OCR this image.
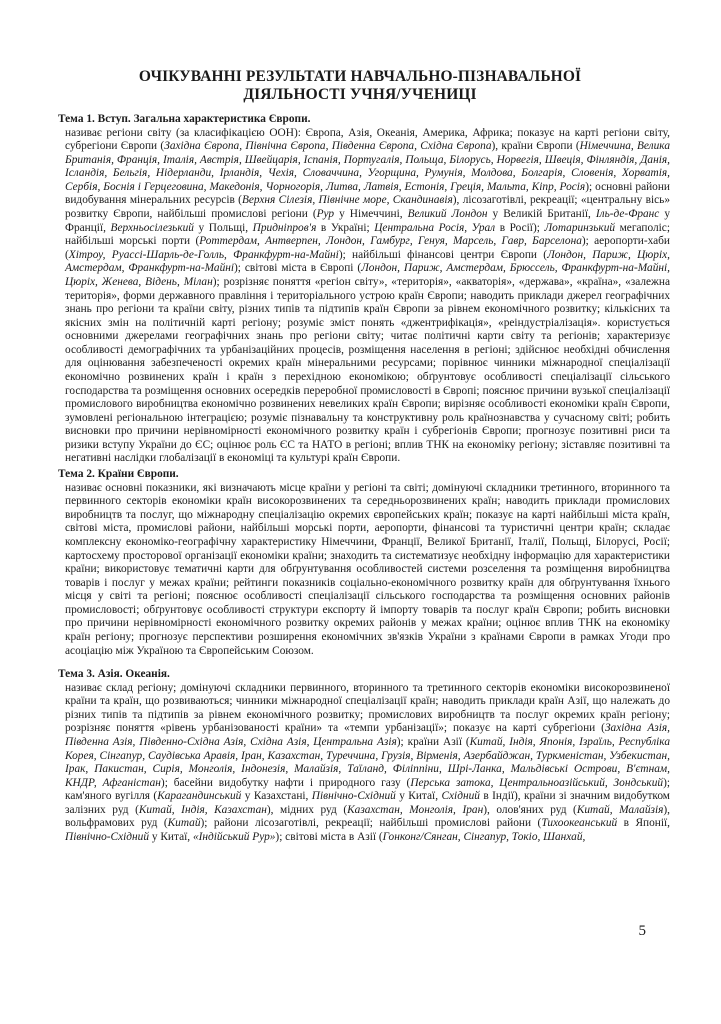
ОЧІКУВАННІ РЕЗУЛЬТАТИ НАВЧАЛЬНО-ПІЗНАВАЛЬНОЇ
ДІЯЛЬНОСТІ УЧНЯ/УЧЕНИЦІ

Тема 1. Вступ. Загальна характеристика Європи.

називає регіони світу (за класифікацією ООН): Європа, Азія, Океанія, Америка, Африка; показує на карті регіони світу, субрегіони Європи (Західна Європа, Північна Європа, Південна Європа, Східна Європа), країни Європи (Німеччина, Велика Британія, Франція, Італія, Австрія, Швейцарія, Іспанія, Португалія, Польща, Білорусь, Норвегія, Швеція, Фінляндія, Данія, Ісландія, Бельгія, Нідерланди, Ірландія, Чехія, Словаччина, Угорщина, Румунія, Молдова, Болгарія, Словенія, Хорватія, Сербія, Боснія і Герцеговина, Македонія, Чорногорія, Литва, Латвія, Естонія, Греція, Мальта, Кіпр, Росія); основні райони видобування мінеральних ресурсів (Верхня Сілезія, Північне море, Скандинавія), лісозаготівлі, рекреації; «центральну вісь» розвитку Європи, найбільші промислові регіони (Рур у Німеччині, Великий Лондон у Великій Британії, Іль-де-Франс у Франції, Верхньосілезький у Польщі, Придніпров'я в Україні; Центральна Росія, Урал в Росії); Лотаринзький мегаполіс; найбільші морські порти (Роттердам, Антверпен, Лондон, Гамбург, Генуя, Марсель, Гавр, Барселона); аеропорти-хаби (Хітроу, Руассі-Шарль-де-Голль, Франкфурт-на-Майні); найбільші фінансові центри Європи (Лондон, Париж, Цюріх, Амстердам, Франкфурт-на-Майні); світові міста в Європі (Лондон, Париж, Амстердам, Брюссель, Франкфурт-на-Майні, Цюріх, Женева, Відень, Мілан); розрізняє поняття «регіон світу», «територія», «акваторія», «держава», «країна», «залежна територія», форми державного правління і територіального устрою країн Європи; наводить приклади джерел географічних знань про регіони та країни світу, різних типів та підтипів країн Європи за рівнем економічного розвитку; кількісних та якісних змін на політичній карті регіону; розуміє зміст понять «джентрифікація», «реіндустріалізація». користується основними джерелами географічних знань про регіони світу; читає політичні карти світу та регіонів; характеризує особливості демографічних та урбанізаційних процесів, розміщення населення в регіоні; здійснює необхідні обчислення для оцінювання забезпеченості окремих країн мінеральними ресурсами; порівнює чинники міжнародної спеціалізації економічно розвинених країн і країн з перехідною економікою; обґрунтовує особливості спеціалізації сільського господарства та розміщення основних осередків переробної промисловості в Європі; пояснює причини вузької спеціалізації промислового виробництва економічно розвинених невеликих країн Європи; вирізняє особливості економіки країн Європи, зумовлені регіональною інтеграцією; розуміє пізнавальну та конструктивну роль країнознавства у сучасному світі; робить висновки про причини нерівномірності економічного розвитку країн і субрегіонів Європи; прогнозує позитивні риси та ризики вступу України до ЄС; оцінює роль ЄС та НАТО в регіоні; вплив ТНК на економіку регіону; зіставляє позитивні та негативні наслідки глобалізації в економіці та культурі країн Європи.

Тема 2. Країни Європи.

називає основні показники, які визначають місце країни у регіоні та світі; домінуючі складники третинного, вторинного та первинного секторів економіки країн високорозвинених та середньорозвинених країн; наводить приклади промислових виробництв та послуг, що міжнародну спеціалізацію окремих європейських країн; показує на карті найбільші міста країн, світові міста, промислові райони, найбільші морські порти, аеропорти, фінансові та туристичні центри країн; складає комплексну економіко-географічну характеристику Німеччини, Франції, Великої Британії, Італії, Польщі, Білорусі, Росії; картосхему просторової організації економіки країни; знаходить та систематизує необхідну інформацію для характеристики країни; використовує тематичні карти для обґрунтування особливостей системи розселення та розміщення виробництва товарів і послуг у межах країни; рейтинги показників соціально-економічного розвитку країн для обґрунтування їхнього місця у світі та регіоні; пояснює особливості спеціалізації сільського господарства та розміщення основних районів промисловості; обґрунтовує особливості структури експорту й імпорту товарів та послуг країн Європи; робить висновки про причини нерівномірності економічного розвитку окремих районів у межах країни; оцінює вплив ТНК на економіку країн регіону; прогнозує перспективи розширення економічних зв'язків України з країнами Європи в рамках Угоди про асоціацію між Україною та Європейським Союзом.

Тема 3. Азія. Океанія.

називає склад регіону; домінуючі складники первинного, вторинного та третинного секторів економіки високорозвиненої країни та країн, що розвиваються; чинники міжнародної спеціалізації країн; наводить приклади країн Азії, що належать до різних типів та підтипів за рівнем економічного розвитку; промислових виробництв та послуг окремих країн регіону; розрізняє поняття «рівень урбанізованості країни» та «темпи урбанізації»; показує на карті субрегіони (Західна Азія, Південна Азія, Південно-Східна Азія, Східна Азія, Центральна Азія); країни Азії (Китай, Індія, Японія, Ізраїль, Республіка Корея, Сінгапур, Саудівська Аравія, Іран, Казахстан, Туреччина, Грузія, Вірменія, Азербайджан, Туркменістан, Узбекистан, Ірак, Пакистан, Сирія, Монголія, Індонезія, Малайзія, Таїланд, Філіппіни, Шрі-Ланка, Мальдівські Острови, В'єтнам, КНДР, Афганістан); басейни видобутку нафти і природного газу (Перська затока, Центральноазійський, Зондський); кам'яного вугілля (Карагандинський у Казахстані, Північно-Східний у Китаї, Східний в Індії), країни зі значним видобутком залізних руд (Китай, Індія, Казахстан), мідних руд (Казахстан, Монголія, Іран), олов'яних руд (Китай, Малайзія), вольфрамових руд (Китай); райони лісозаготівлі, рекреації; найбільші промислові райони (Тихоокеанський в Японії, Північно-Східний у Китаї, «Індійський Рур»); світові міста в Азії (Гонконг/Сянган, Сінгапур, Токіо, Шанхай,

5
